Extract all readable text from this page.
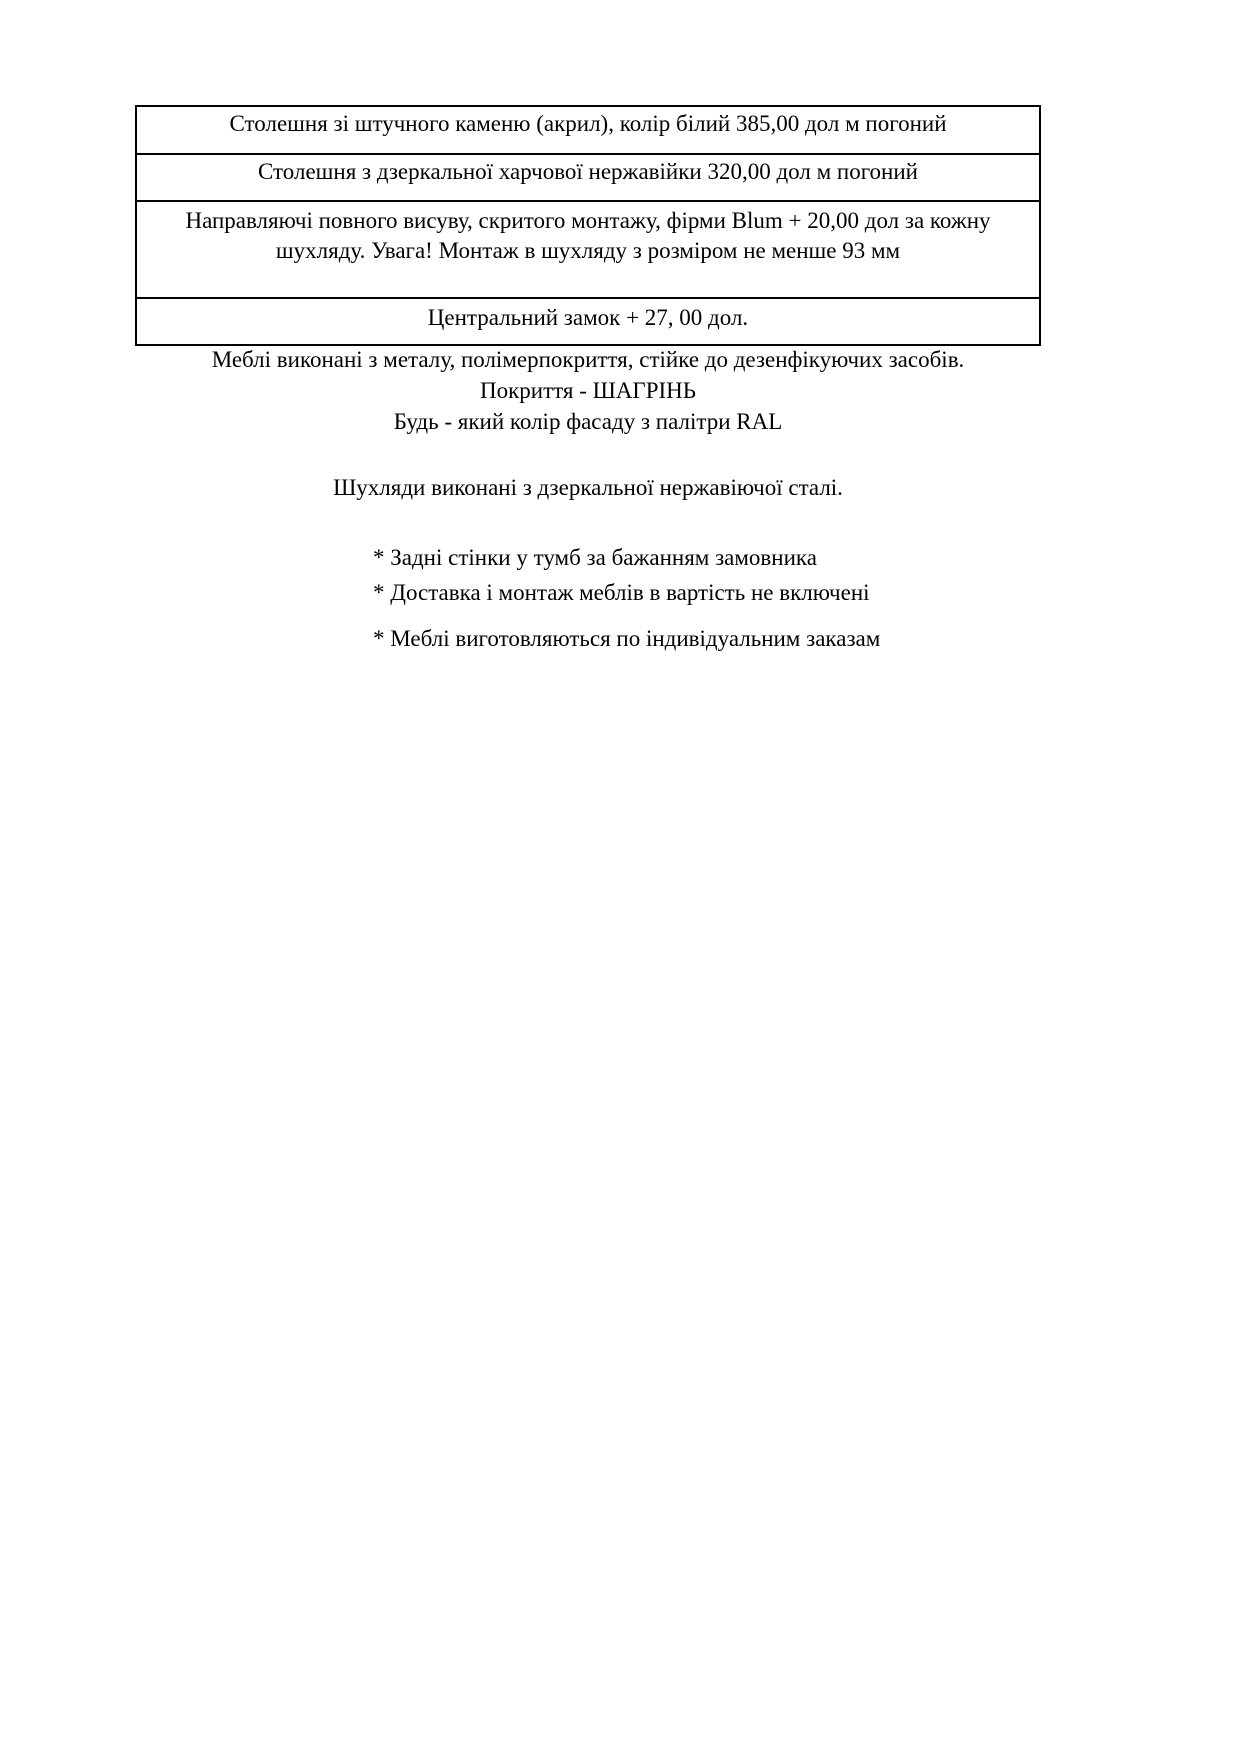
Столешня зі штучного каменю (акрил), колір білий 385,00 дол м погоний

Столешня з дзеркальної харчової нержавійки 320,00 дол м погоний

Направляючі повного висуву, скритого монтажу, фірми Blum + 20,00 дол за кожну
шухляду. Увага! Монтаж в шухляду з розміром не менше 93 мм

Центральний замок + 27, 00 дол.
Меблі виконані з металу, полімерпокриття, стійке до дезенфікуючих засобів.
Покриття - ШАГРІНЬ
Будь - який колір фасаду з палітри RAL
Шухляди виконані з дзеркальної нержавіючої сталі.
* Задні стінки у тумб за бажанням замовника
* Доставка і монтаж меблів в вартість не включені
* Меблі виготовляються по індивідуальним заказам
